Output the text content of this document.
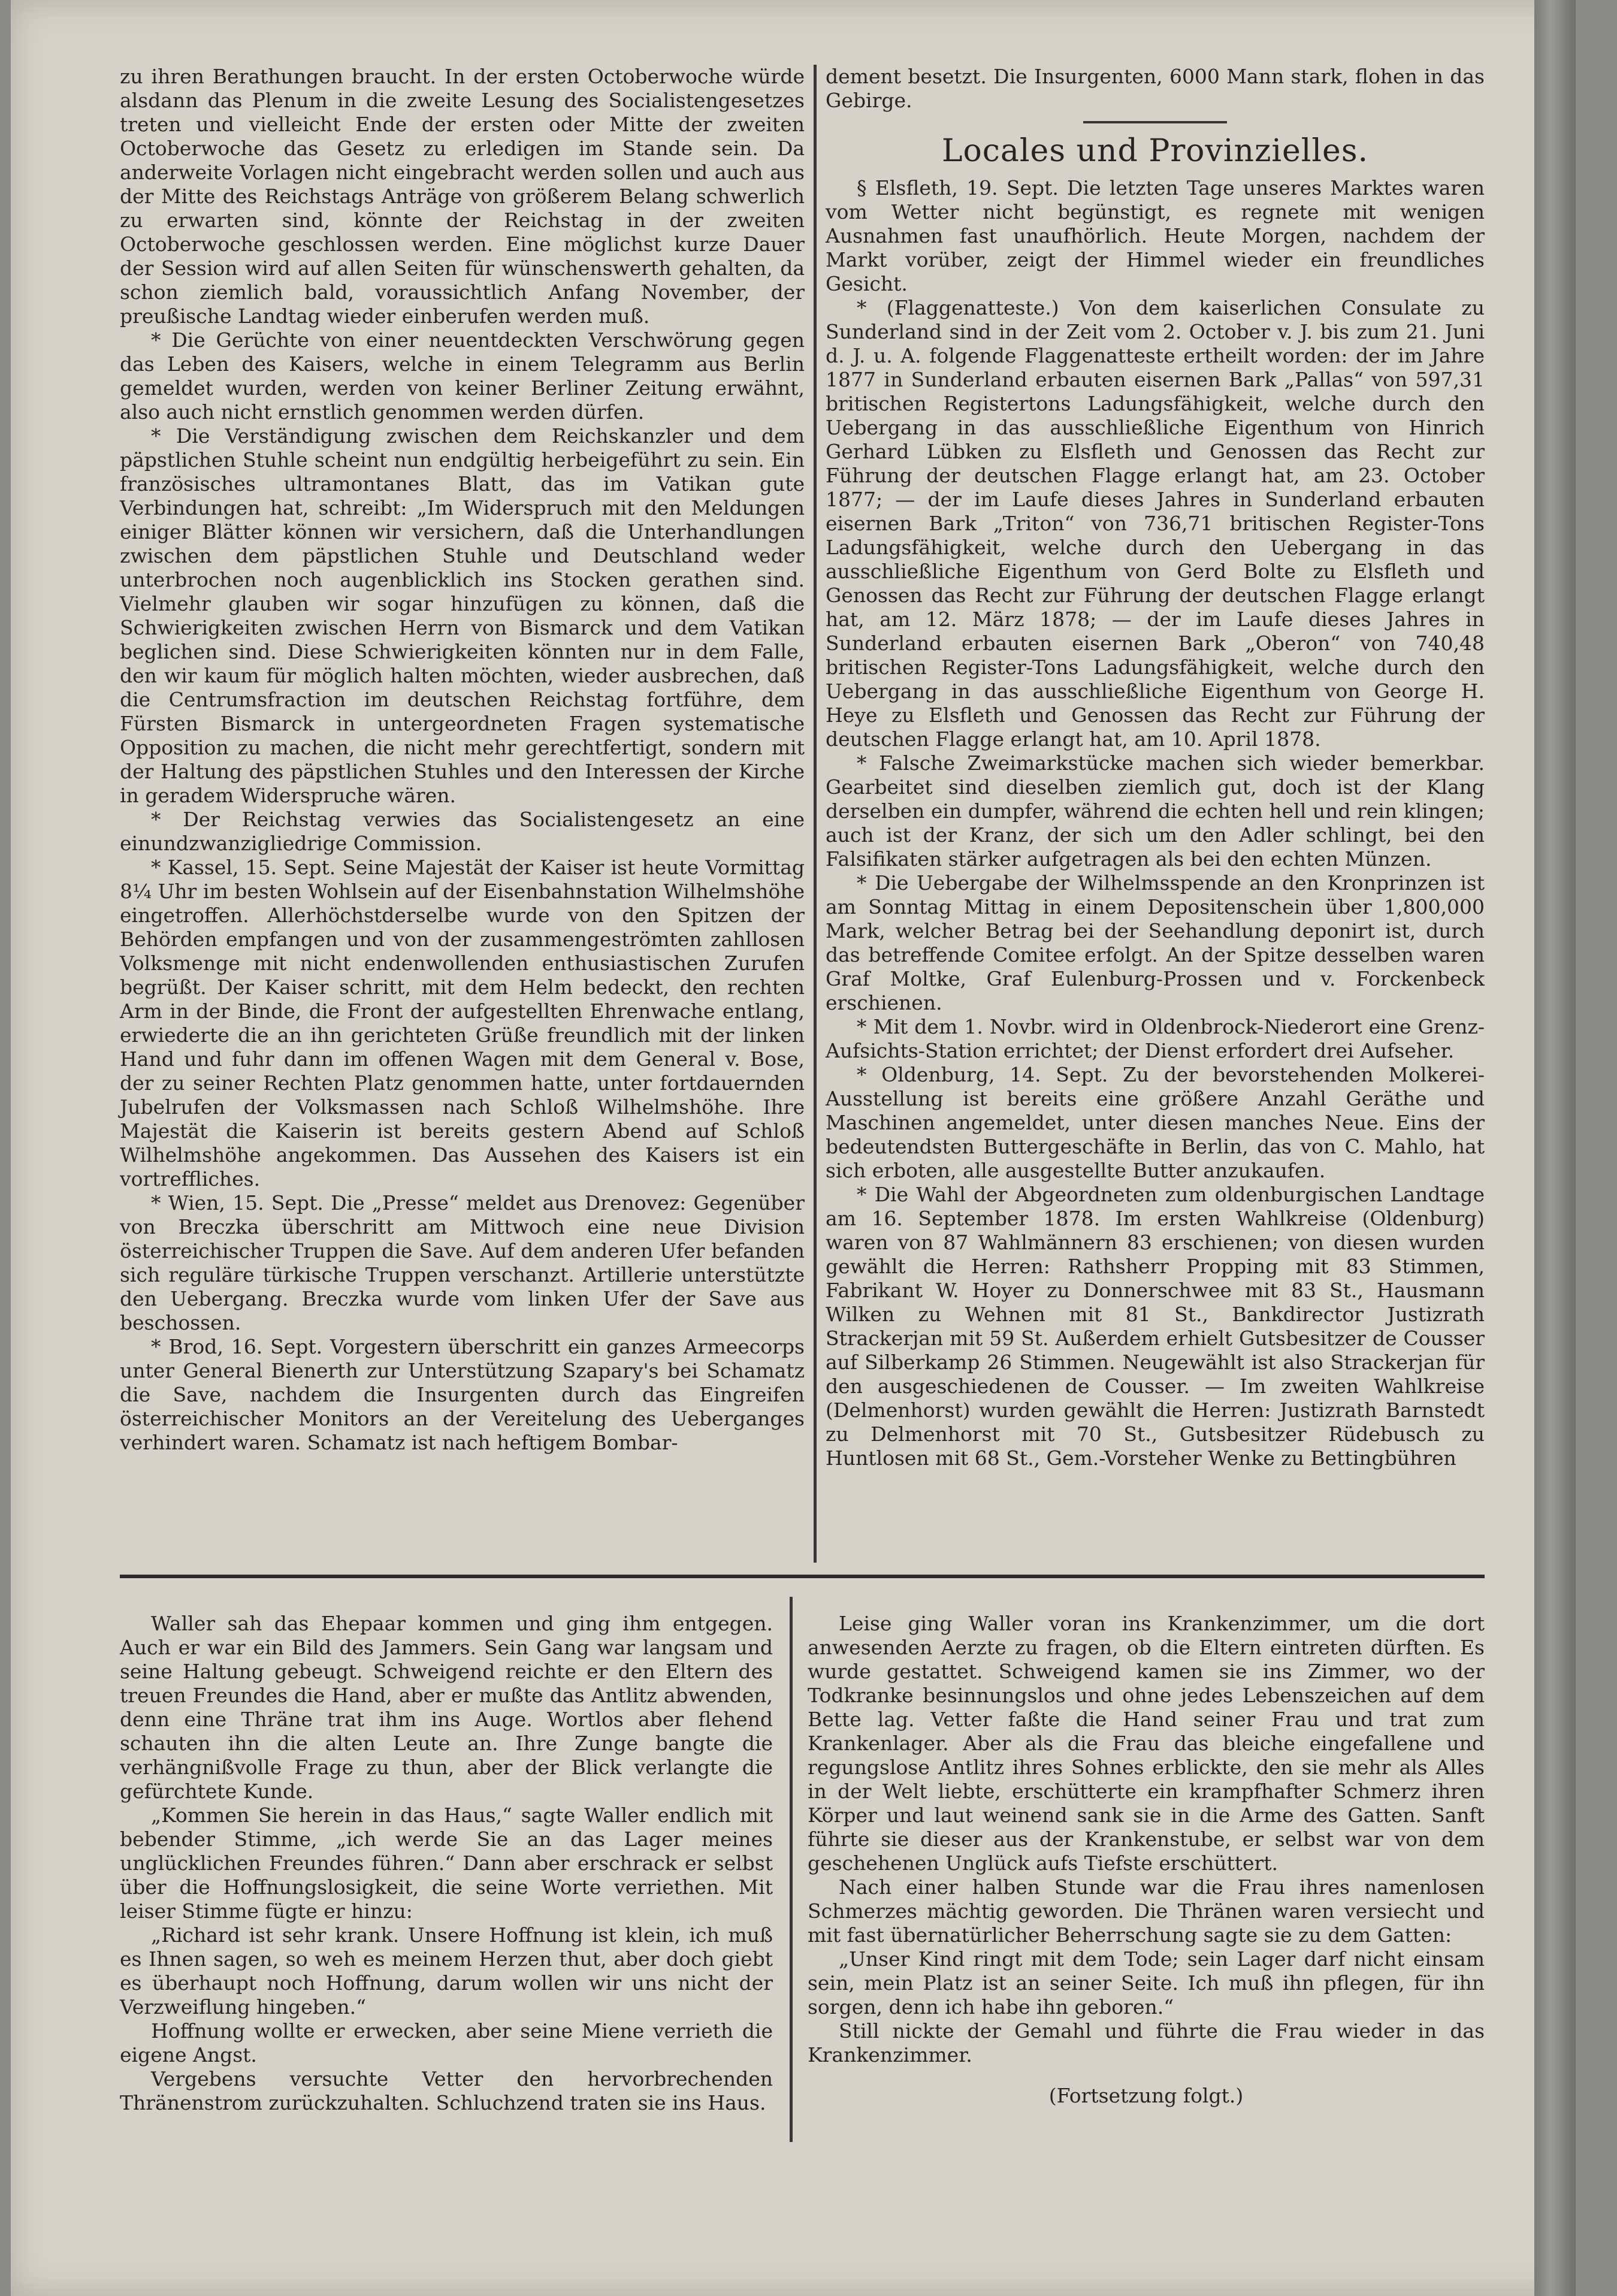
zu ihren Berathungen braucht. In der ersten Octoberwoche würde alsdann das Plenum in die zweite Lesung des Socialistengesetzes treten und vielleicht Ende der ersten oder Mitte der zweiten Octoberwoche das Gesetz zu erledigen im Stande sein. Da anderweite Vorlagen nicht eingebracht werden sollen und auch aus der Mitte des Reichstags Anträge von größerem Belang schwerlich zu erwarten sind, könnte der Reichstag in der zweiten Octoberwoche geschlossen werden. Eine möglichst kurze Dauer der Session wird auf allen Seiten für wünschenswerth gehalten, da schon ziemlich bald, voraussichtlich Anfang November, der preußische Landtag wieder einberufen werden muß.

* Die Gerüchte von einer neuentdeckten Verschwörung gegen das Leben des Kaisers, welche in einem Telegramm aus Berlin gemeldet wurden, werden von keiner Berliner Zeitung erwähnt, also auch nicht ernstlich genommen werden dürfen.

* Die Verständigung zwischen dem Reichskanzler und dem päpstlichen Stuhle scheint nun endgültig herbeigeführt zu sein. Ein französisches ultramontanes Blatt, das im Vatikan gute Verbindungen hat, schreibt: „Im Widerspruch mit den Meldungen einiger Blätter können wir versichern, daß die Unterhandlungen zwischen dem päpstlichen Stuhle und Deutschland weder unterbrochen noch augenblicklich ins Stocken gerathen sind. Vielmehr glauben wir sogar hinzufügen zu können, daß die Schwierigkeiten zwischen Herrn von Bismarck und dem Vatikan beglichen sind. Diese Schwierigkeiten könnten nur in dem Falle, den wir kaum für möglich halten möchten, wieder ausbrechen, daß die Centrumsfraction im deutschen Reichstag fortführe, dem Fürsten Bismarck in untergeordneten Fragen systematische Opposition zu machen, die nicht mehr gerechtfertigt, sondern mit der Haltung des päpstlichen Stuhles und den Interessen der Kirche in geradem Widerspruche wären.

* Der Reichstag verwies das Socialistengesetz an eine einundzwanzigliedrige Commission.

* Kassel, 15. Sept. Seine Majestät der Kaiser ist heute Vormittag 8¼ Uhr im besten Wohlsein auf der Eisenbahnstation Wilhelmshöhe eingetroffen. Allerhöchstderselbe wurde von den Spitzen der Behörden empfangen und von der zusammengeströmten zahllosen Volksmenge mit nicht endenwollenden enthusiastischen Zurufen begrüßt. Der Kaiser schritt, mit dem Helm bedeckt, den rechten Arm in der Binde, die Front der aufgestellten Ehrenwache entlang, erwiederte die an ihn gerichteten Grüße freundlich mit der linken Hand und fuhr dann im offenen Wagen mit dem General v. Bose, der zu seiner Rechten Platz genommen hatte, unter fortdauernden Jubelrufen der Volksmassen nach Schloß Wilhelmshöhe. Ihre Majestät die Kaiserin ist bereits gestern Abend auf Schloß Wilhelmshöhe angekommen. Das Aussehen des Kaisers ist ein vortreffliches.

* Wien, 15. Sept. Die „Presse“ meldet aus Drenovez: Gegenüber von Breczka überschritt am Mittwoch eine neue Division österreichischer Truppen die Save. Auf dem anderen Ufer befanden sich reguläre türkische Truppen verschanzt. Artillerie unterstützte den Uebergang. Breczka wurde vom linken Ufer der Save aus beschossen.

* Brod, 16. Sept. Vorgestern überschritt ein ganzes Armeecorps unter General Bienerth zur Unterstützung Szapary's bei Schamatz die Save, nachdem die Insurgenten durch das Eingreifen österreichischer Monitors an der Vereitelung des Ueberganges verhindert waren. Schamatz ist nach heftigem Bombar-

dement besetzt. Die Insurgenten, 6000 Mann stark, flohen in das Gebirge.

Locales und Provinzielles.

§ Elsfleth, 19. Sept. Die letzten Tage unseres Marktes waren vom Wetter nicht begünstigt, es regnete mit wenigen Ausnahmen fast unaufhörlich. Heute Morgen, nachdem der Markt vorüber, zeigt der Himmel wieder ein freundliches Gesicht.

* (Flaggenatteste.) Von dem kaiserlichen Consulate zu Sunderland sind in der Zeit vom 2. October v. J. bis zum 21. Juni d. J. u. A. folgende Flaggenatteste ertheilt worden: der im Jahre 1877 in Sunderland erbauten eisernen Bark „Pallas“ von 597,31 britischen Registertons Ladungsfähigkeit, welche durch den Uebergang in das ausschließliche Eigenthum von Hinrich Gerhard Lübken zu Elsfleth und Genossen das Recht zur Führung der deutschen Flagge erlangt hat, am 23. October 1877; — der im Laufe dieses Jahres in Sunderland erbauten eisernen Bark „Triton“ von 736,71 britischen Register-Tons Ladungsfähigkeit, welche durch den Uebergang in das ausschließliche Eigenthum von Gerd Bolte zu Elsfleth und Genossen das Recht zur Führung der deutschen Flagge erlangt hat, am 12. März 1878; — der im Laufe dieses Jahres in Sunderland erbauten eisernen Bark „Oberon“ von 740,48 britischen Register-Tons Ladungsfähigkeit, welche durch den Uebergang in das ausschließliche Eigenthum von George H. Heye zu Elsfleth und Genossen das Recht zur Führung der deutschen Flagge erlangt hat, am 10. April 1878.

* Falsche Zweimarkstücke machen sich wieder bemerkbar. Gearbeitet sind dieselben ziemlich gut, doch ist der Klang derselben ein dumpfer, während die echten hell und rein klingen; auch ist der Kranz, der sich um den Adler schlingt, bei den Falsifikaten stärker aufgetragen als bei den echten Münzen.

* Die Uebergabe der Wilhelmsspende an den Kronprinzen ist am Sonntag Mittag in einem Depositenschein über 1,800,000 Mark, welcher Betrag bei der Seehandlung deponirt ist, durch das betreffende Comitee erfolgt. An der Spitze desselben waren Graf Moltke, Graf Eulenburg-Prossen und v. Forckenbeck erschienen.

* Mit dem 1. Novbr. wird in Oldenbrock-Niederort eine Grenz-Aufsichts-Station errichtet; der Dienst erfordert drei Aufseher.

* Oldenburg, 14. Sept. Zu der bevorstehenden Molkerei-Ausstellung ist bereits eine größere Anzahl Geräthe und Maschinen angemeldet, unter diesen manches Neue. Eins der bedeutendsten Buttergeschäfte in Berlin, das von C. Mahlo, hat sich erboten, alle ausgestellte Butter anzukaufen.

* Die Wahl der Abgeordneten zum oldenburgischen Landtage am 16. September 1878. Im ersten Wahlkreise (Oldenburg) waren von 87 Wahlmännern 83 erschienen; von diesen wurden gewählt die Herren: Rathsherr Propping mit 83 Stimmen, Fabrikant W. Hoyer zu Donnerschwee mit 83 St., Hausmann Wilken zu Wehnen mit 81 St., Bankdirector Justizrath Strackerjan mit 59 St. Außerdem erhielt Gutsbesitzer de Cousser auf Silberkamp 26 Stimmen. Neugewählt ist also Strackerjan für den ausgeschiedenen de Cousser. — Im zweiten Wahlkreise (Delmenhorst) wurden gewählt die Herren: Justizrath Barnstedt zu Delmenhorst mit 70 St., Gutsbesitzer Rüdebusch zu Huntlosen mit 68 St., Gem.-Vorsteher Wenke zu Bettingbühren

Waller sah das Ehepaar kommen und ging ihm entgegen. Auch er war ein Bild des Jammers. Sein Gang war langsam und seine Haltung gebeugt. Schweigend reichte er den Eltern des treuen Freundes die Hand, aber er mußte das Antlitz abwenden, denn eine Thräne trat ihm ins Auge. Wortlos aber flehend schauten ihn die alten Leute an. Ihre Zunge bangte die verhängnißvolle Frage zu thun, aber der Blick verlangte die gefürchtete Kunde.

„Kommen Sie herein in das Haus,“ sagte Waller endlich mit bebender Stimme, „ich werde Sie an das Lager meines unglücklichen Freundes führen.“ Dann aber erschrack er selbst über die Hoffnungslosigkeit, die seine Worte verriethen. Mit leiser Stimme fügte er hinzu:

„Richard ist sehr krank. Unsere Hoffnung ist klein, ich muß es Ihnen sagen, so weh es meinem Herzen thut, aber doch giebt es überhaupt noch Hoffnung, darum wollen wir uns nicht der Verzweiflung hingeben.“

Hoffnung wollte er erwecken, aber seine Miene verrieth die eigene Angst.

Vergebens versuchte Vetter den hervorbrechenden Thränenstrom zurückzuhalten. Schluchzend traten sie ins Haus.

Leise ging Waller voran ins Krankenzimmer, um die dort anwesenden Aerzte zu fragen, ob die Eltern eintreten dürften. Es wurde gestattet. Schweigend kamen sie ins Zimmer, wo der Todkranke besinnungslos und ohne jedes Lebenszeichen auf dem Bette lag. Vetter faßte die Hand seiner Frau und trat zum Krankenlager. Aber als die Frau das bleiche eingefallene und regungslose Antlitz ihres Sohnes erblickte, den sie mehr als Alles in der Welt liebte, erschütterte ein krampfhafter Schmerz ihren Körper und laut weinend sank sie in die Arme des Gatten. Sanft führte sie dieser aus der Krankenstube, er selbst war von dem geschehenen Unglück aufs Tiefste erschüttert.

Nach einer halben Stunde war die Frau ihres namenlosen Schmerzes mächtig geworden. Die Thränen waren versiecht und mit fast übernatürlicher Beherrschung sagte sie zu dem Gatten:

„Unser Kind ringt mit dem Tode; sein Lager darf nicht einsam sein, mein Platz ist an seiner Seite. Ich muß ihn pflegen, für ihn sorgen, denn ich habe ihn geboren.“

Still nickte der Gemahl und führte die Frau wieder in das Krankenzimmer.

(Fortsetzung folgt.)
